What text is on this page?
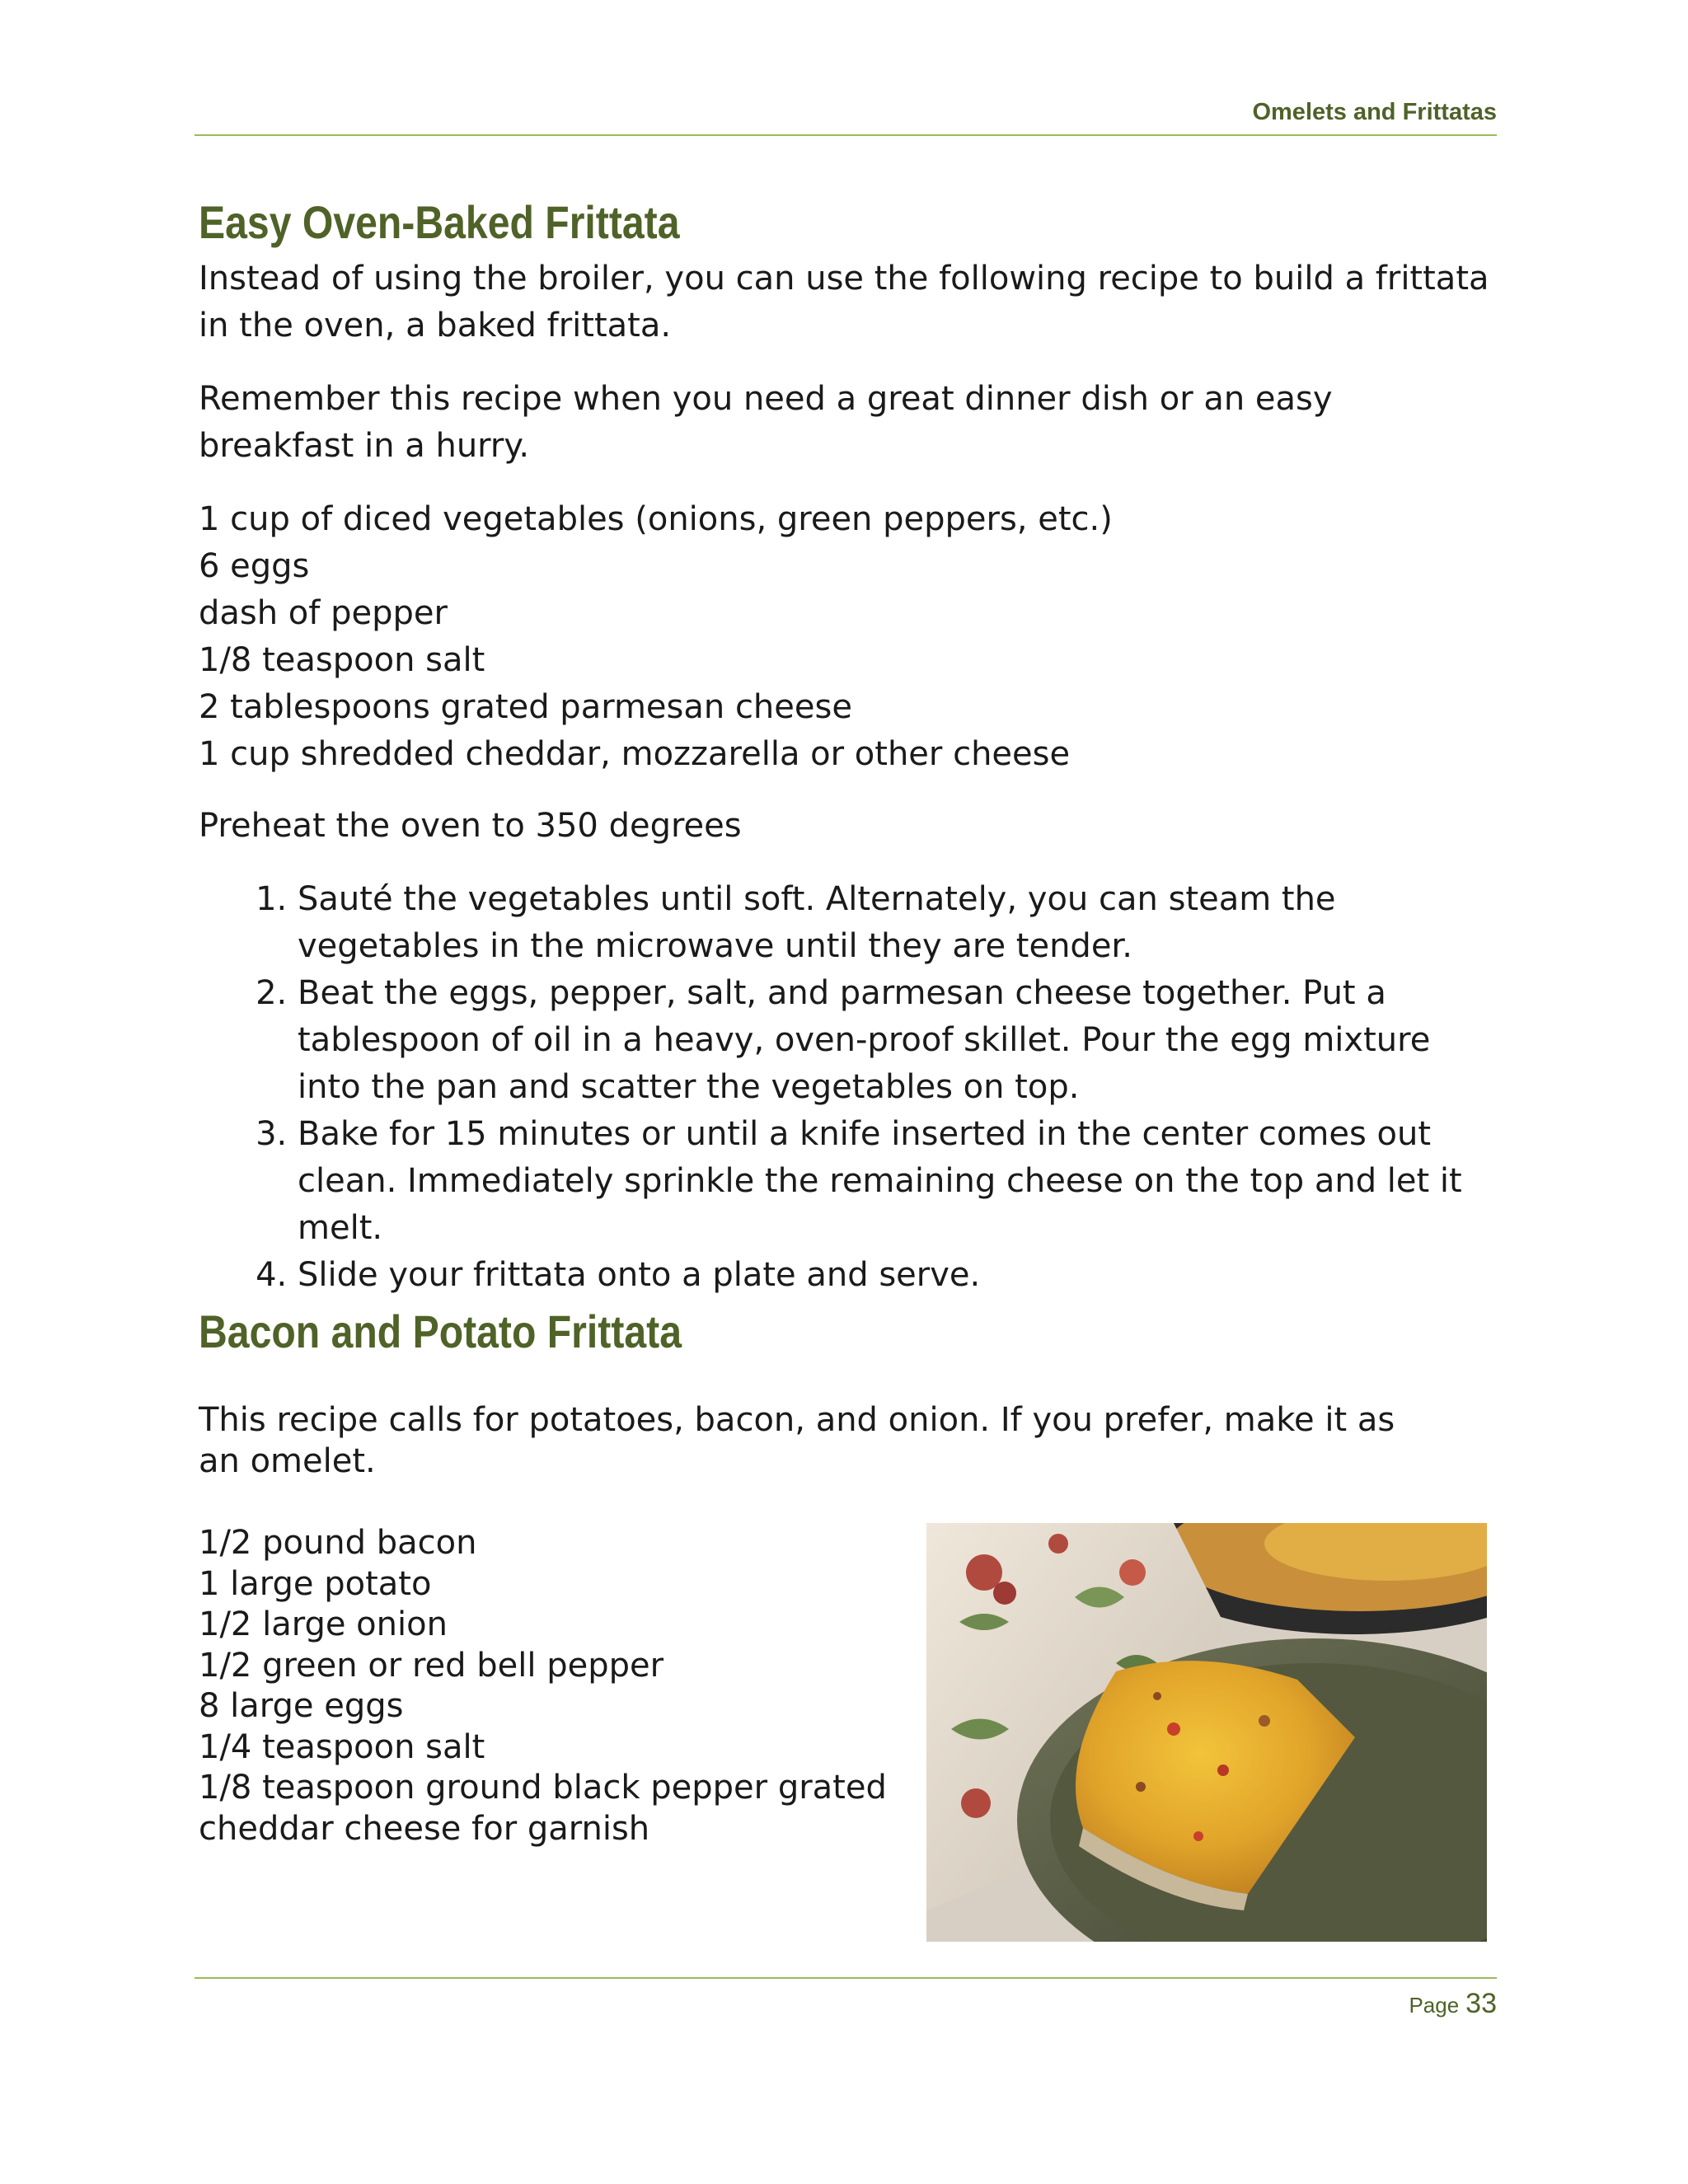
Omelets and Frittatas
Easy Oven-Baked Frittata

Instead of using the broiler, you can use the following recipe to build a frittata in the oven, a baked frittata.

Remember this recipe when you need a great dinner dish or an easy breakfast in a hurry.

1 cup of diced vegetables (onions, green peppers, etc.)
6 eggs
dash of pepper
1/8 teaspoon salt
2 tablespoons grated parmesan cheese
1 cup shredded cheddar, mozzarella or other cheese

Preheat the oven to 350 degrees

1. Sauté the vegetables until soft. Alternately, you can steam the vegetables in the microwave until they are tender.
2. Beat the eggs, pepper, salt, and parmesan cheese together. Put a tablespoon of oil in a heavy, oven-proof skillet. Pour the egg mixture into the pan and scatter the vegetables on top.
3. Bake for 15 minutes or until a knife inserted in the center comes out clean. Immediately sprinkle the remaining cheese on the top and let it melt.
4. Slide your frittata onto a plate and serve.
Bacon and Potato Frittata

This recipe calls for potatoes, bacon, and onion. If you prefer, make it as an omelet.

1/2 pound bacon
1 large potato
1/2 large onion
1/2 green or red bell pepper
8 large eggs
1/4 teaspoon salt
1/8 teaspoon ground black pepper grated cheddar cheese for garnish
Page 33
